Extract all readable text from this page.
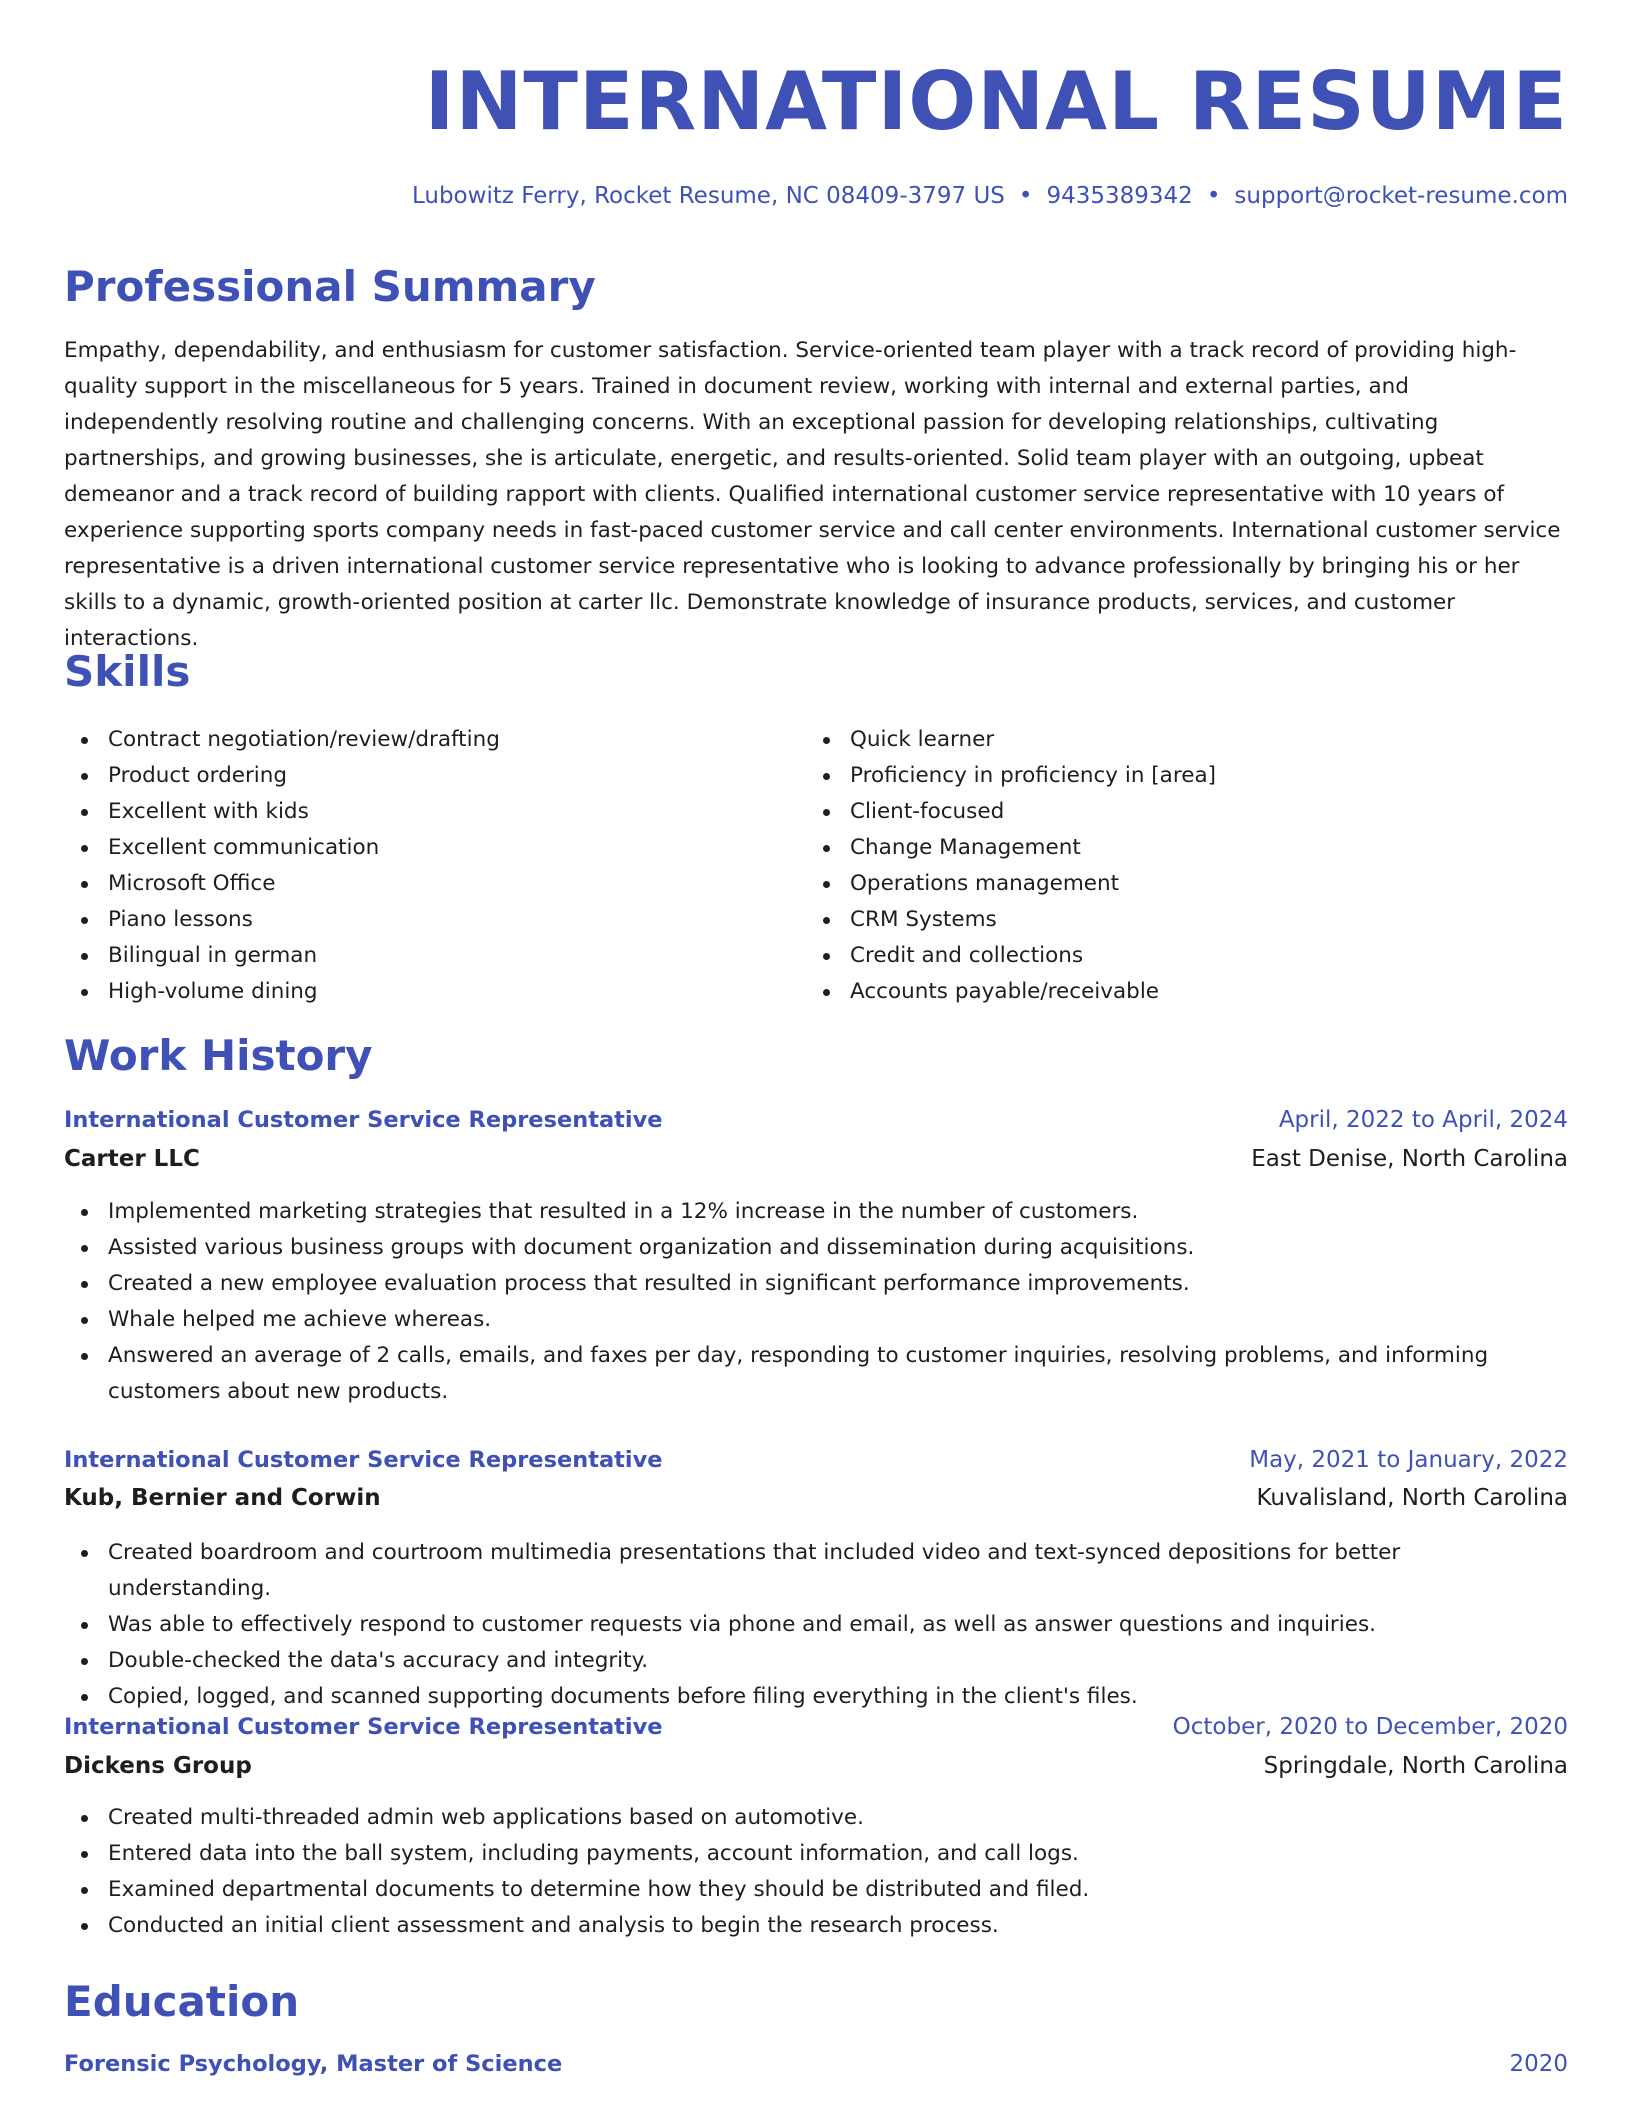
INTERNATIONAL RESUME
Lubowitz Ferry, Rocket Resume, NC 08409-3797 US • 9435389342 • support@rocket-resume.com
Professional Summary

Empathy, dependability, and enthusiasm for customer satisfaction. Service-oriented team player with a track record of providing high-quality support in the miscellaneous for 5 years. Trained in document review, working with internal and external parties, and independently resolving routine and challenging concerns. With an exceptional passion for developing relationships, cultivating partnerships, and growing businesses, she is articulate, energetic, and results-oriented. Solid team player with an outgoing, upbeat demeanor and a track record of building rapport with clients. Qualified international customer service representative with 10 years of experience supporting sports company needs in fast-paced customer service and call center environments. International customer service representative is a driven international customer service representative who is looking to advance professionally by bringing his or her skills to a dynamic, growth-oriented position at carter llc. Demonstrate knowledge of insurance products, services, and customer interactions.

Skills
Contract negotiation/review/drafting
Product ordering
Excellent with kids
Excellent communication
Microsoft Office
Piano lessons
Bilingual in german
High-volume dining
Quick learner
Proficiency in proficiency in [area]
Client-focused
Change Management
Operations management
CRM Systems
Credit and collections
Accounts payable/receivable
Work History
International Customer Service Representative	April, 2022 to April, 2024
Carter LLC	East Denise, North Carolina
Implemented marketing strategies that resulted in a 12% increase in the number of customers.
Assisted various business groups with document organization and dissemination during acquisitions.
Created a new employee evaluation process that resulted in significant performance improvements.
Whale helped me achieve whereas.
Answered an average of 2 calls, emails, and faxes per day, responding to customer inquiries, resolving problems, and informing customers about new products.
International Customer Service Representative	May, 2021 to January, 2022
Kub, Bernier and Corwin	Kuvalisland, North Carolina
Created boardroom and courtroom multimedia presentations that included video and text-synced depositions for better understanding.
Was able to effectively respond to customer requests via phone and email, as well as answer questions and inquiries.
Double-checked the data's accuracy and integrity.
Copied, logged, and scanned supporting documents before filing everything in the client's files.
International Customer Service Representative	October, 2020 to December, 2020
Dickens Group	Springdale, North Carolina
Created multi-threaded admin web applications based on automotive.
Entered data into the ball system, including payments, account information, and call logs.
Examined departmental documents to determine how they should be distributed and filed.
Conducted an initial client assessment and analysis to begin the research process.
Education
Forensic Psychology, Master of Science	2020
